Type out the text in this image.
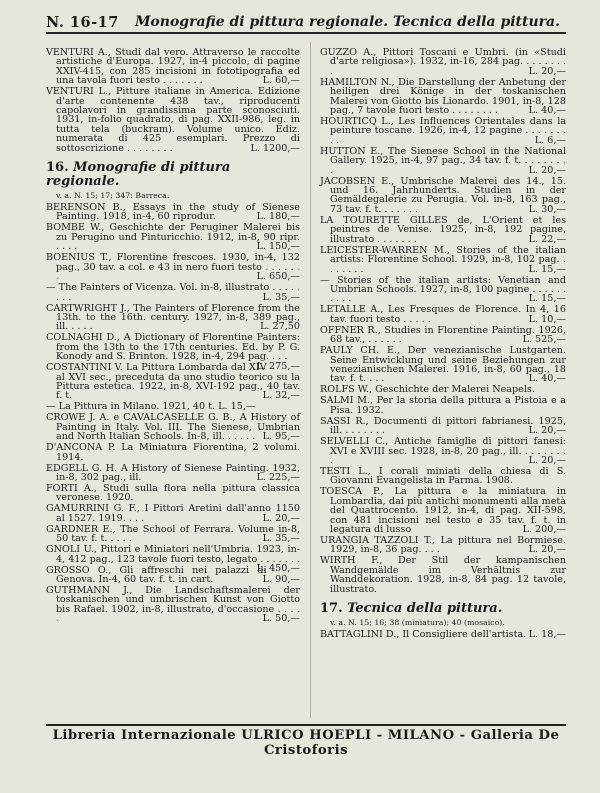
N. 16-17 Monografie di pittura regionale. Tecnica della pittura.

VENTURI A., Studi dal vero. Attraverso le raccolte artistiche d'Europa. 1927, in-4 piccolo, di pagine XXIV-415, con 285 incisioni in fototipografia ed una tavola fuori testo . . . . . . .	L. 60,—

VENTURI L., Pitture italiane in America. Edizione d'arte contenente 438 tav., riproducenti capolavori in grandissima parte sconosciuti. 1931, in-folio quadrato, di pag. XXII-986, leg. in tutta tela (buckram). Volume unico. Ediz. numerata di 425 esemplari. Prezzo di sottoscrizione . . . . . . . .	L. 1200,—

16. Monografie di pittura regionale.
v. a. N. 15; 17; 347: Barreca.

BERENSON B., Essays in the study of Sienese Painting. 1918, in-4, 60 riprodur.	L. 180,—

BOMBE W., Geschichte der Peruginer Malerei bis zu Perugino und Pinturicchio. 1912, in-8, 90 ripr. . . . .	L. 150,—

BOENIUS T., Florentine frescoes. 1930, in-4, 132 pag., 30 tav. a col. e 43 in nero fuori testo . . . . . . .	L. 650,—

— The Painters of Vicenza. Vol. in-8, illustrato . . . . . . . .	L. 35,—

CARTWRIGHT J., The Painters of Florence from the 13th. to the 16th. century. 1927, in-8, 389 pag., ill. . . . .	L. 27,50

COLNAGHI D., A Dictionary of Florentine Painters: from the 13th to the 17th centuries. Ed. by P. G. Konody and S. Brinton. 1928, in-4, 294 pag. . . .
L. 275,—

COSTANTINI V. La Pittura Lombarda dal XIV al XVI sec., preceduta da uno studio teorico su la Pittura estetica. 1922, in-8, XVI-192 pag., 40 tav. f. t.	L. 32,—

— La Pittura in Milano. 1921, 40 t. L. 15,—

CROWE J. A. e CAVALCASELLE G. B., A History of Painting in Italy. Vol. III. The Sienese, Umbrian and North Italian Schools. In-8, ill. . . . . . L. 95,—

D'ANCONA P. La Miniatura Fiorentina, 2 volumi. 1914.

EDGELL G. H. A History of Sienese Painting. 1932, in-8, 302 pag., ill.	L. 225,—

FORTI A., Studi sulla flora nella pittura classica veronese. 1920.

GAMURRINI G. F., I Pittori Aretini dall'anno 1150 al 1527. 1919. . . .	L. 20,—

GARDNER E., The School of Ferrara. Volume in-8, 50 tav. f. t. . . . .	L. 35,—

GNOLI U., Pittori e Miniatori nell'Umbria. 1923, in-4, 412 pag., 123 tavole fuori testo, legato . . . . . . .
L. 450,—

GROSSO O., Gli affreschi nei palazzi di Genova. In-4, 60 tav. f. t. in cart.	L. 90,—

GUTHMANN J., Die Landschaftsmalerei der toskanischen und umbrischen Kunst von Giotto bis Rafael. 1902, in-8, illustrato, d'occasione . . . . .	L. 50,—

GUZZO A., Pittori Toscani e Umbri. (in «Studi d'arte religiosa»). 1932, in-16, 284 pag. . . . . . . . .	L. 20,—

HAMILTON N., Die Darstellung der Anbetung der heiligen drei Könige in der toskanischen Malerei von Giotto bis Lionardo. 1901, in-8, 128 pag., 7 tavole fuori testo . . . . . . . .	L. 40,—

HOURTICQ L., Les Influences Orientales dans la peinture toscane. 1926, in-4, 12 pagine . . . . . . . . .	L. 6,—

HUTTON E., The Sienese School in the National Gallery. 1925, in-4, 97 pag., 34 tav. f. t. . . . . . . . .	L. 20,—

JACOBSEN E., Umbrische Malerei des 14., 15. und 16. Jahrhunderts. Studien in der Gemäldegalerie zu Perugia. Vol. in-8, 163 pag., 73 tav. f. t. . . . . . .	L. 30,—

LA TOURETTE GILLES de, L'Orient et les peintres de Venise. 1925, in-8, 192 pagine, illustrato . . . . . . .	L. 22,—

LEICESTER-WARREN M., Stories of the italian artists: Florentine School. 1929, in-8, 102 pag. . . . . . . .	L. 15,—

— Stories of the italian artists: Venetian and Umbrian Schools. 1927, in-8, 100 pagine . . . . . . . . . .	L. 15,—

LETALLE A., Les Fresques de Florence. In 4, 16 tav. fuori testo . . . . .	L. 10,—

OFFNER R., Studies in Florentine Painting. 1926, 68 tav., . . . . . .	L. 525,—

PAULY CH. E., Der venezianische Lustgarten. Seine Entwicklung und seine Beziehungen zur venezianischen Malerei. 1916, in-8, 60 pag., 18 tav. f. t. . . .	L. 40,—

ROLFS W., Geschichte der Malerei Neapels.

SALMI M., Per la storia della pittura a Pistoia e a Pisa. 1932.

SASSI R., Documenti di pittori fabrianesi. 1925, ill. . . . . . . .	L. 20,—

SELVELLI C., Antiche famiglie di pittori fanesi: XVI e XVIII sec. 1928, in-8, 20 pag., ill. . . . . . . . .	L. 20,—

TESTI L., I corali miniati della chiesa di S. Giovanni Evangelista in Parma. 1908.

TOESCA P., La pittura e la miniatura in Lombardia, dai più antichi monumenti alla metà del Quattrocento. 1912, in-4, di pag. XII-598, con 481 incisioni nel testo e 35 tav. f. t. in legatura di lusso	L. 200,—

URANGIA TAZZOLI T., La pittura nel Bormiese. 1929, in-8, 36 pag. . . .	L. 20,—

WIRTH F., Der Stil der kampanischen Wandgemälde im Verhältnis zur Wanddekoration. 1928, in-8, 84 pag. 12 tavole, illustrato.

17. Tecnica della pittura.
v. a. N. 15; 16; 38 (miniatura); 40 (mosaico).

BATTAGLINI D., Il Consigliere dell'artista. L. 18,—

Libreria Internazionale ULRICO HOEPLI - MILANO - Galleria De Cristoforis
